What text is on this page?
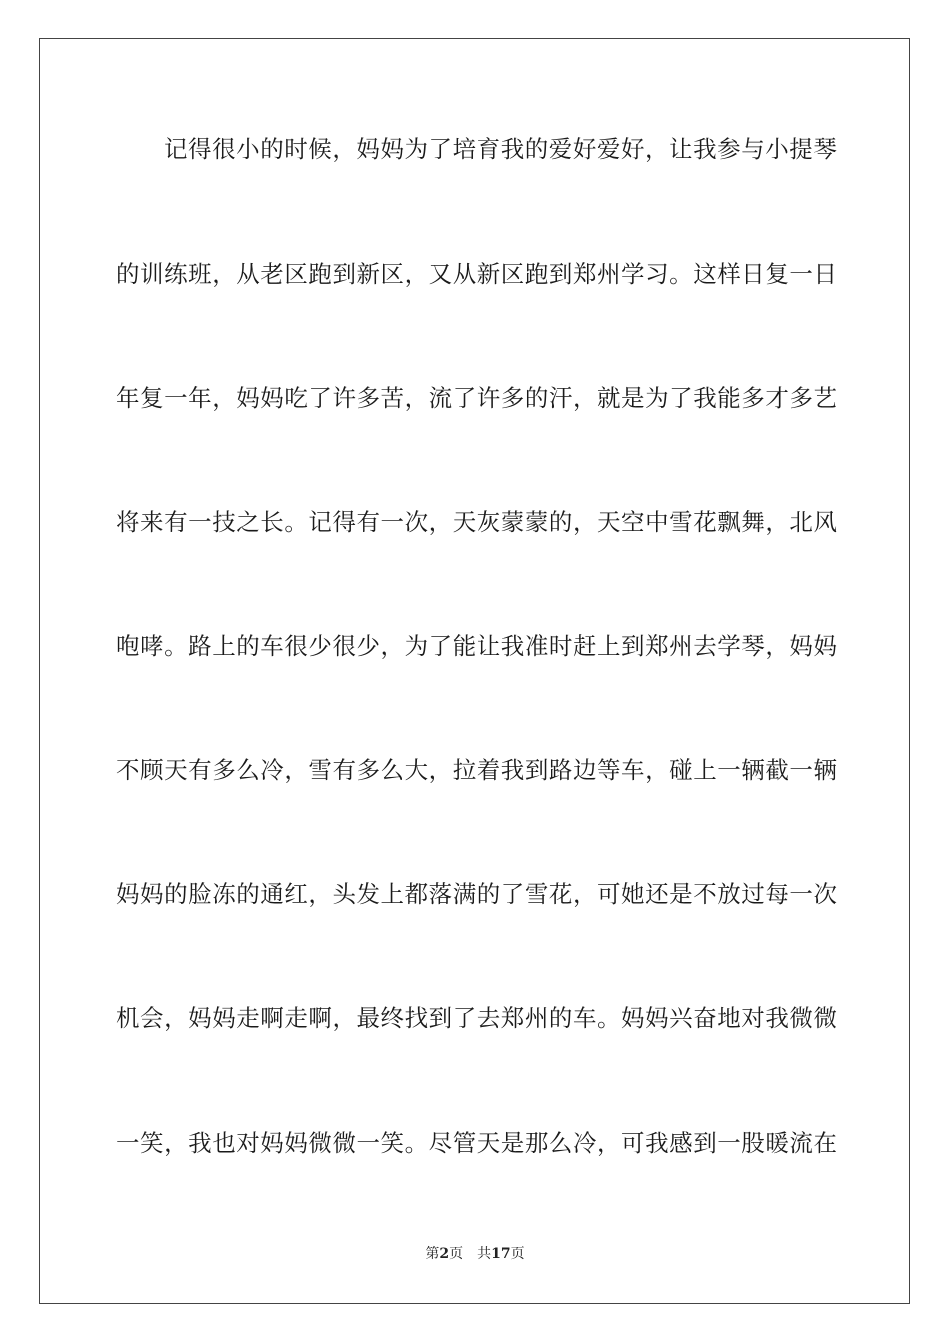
记得很小的时候，妈妈为了培育我的爱好爱好，让我参与小提琴
的训练班，从老区跑到新区，又从新区跑到郑州学习。这样日复一日
年复一年，妈妈吃了许多苦，流了许多的汗，就是为了我能多才多艺
将来有一技之长。记得有一次，天灰蒙蒙的，天空中雪花飘舞，北风
咆哮。路上的车很少很少，为了能让我准时赶上到郑州去学琴，妈妈
不顾天有多么冷，雪有多么大，拉着我到路边等车，碰上一辆截一辆
妈妈的脸冻的通红，头发上都落满的了雪花，可她还是不放过每一次
机会，妈妈走啊走啊，最终找到了去郑州的车。妈妈兴奋地对我微微
一笑，我也对妈妈微微一笑。尽管天是那么冷，可我感到一股暖流在
第2页 共17页
